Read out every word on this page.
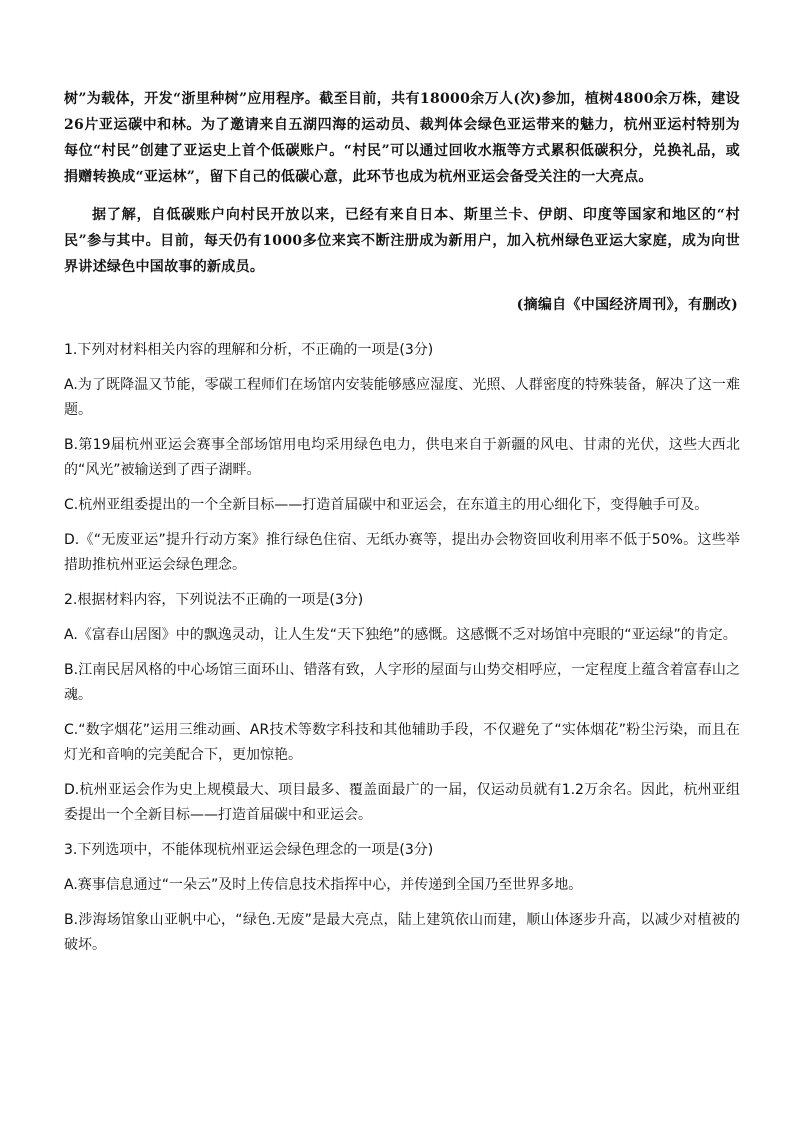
树”为载体，开发“浙里种树”应用程序。截至目前，共有18000余万人(次)参加，植树4800余万株，建设26片亚运碳中和林。为了邀请来自五湖四海的运动员、裁判体会绿色亚运带来的魅力，杭州亚运村特别为每位“村民”创建了亚运史上首个低碳账户。“村民”可以通过回收水瓶等方式累积低碳积分，兑换礼品，或捐赠转换成“亚运林”，留下自己的低碳心意，此环节也成为杭州亚运会备受关注的一大亮点。

据了解，自低碳账户向村民开放以来，已经有来自日本、斯里兰卡、伊朗、印度等国家和地区的“村民”参与其中。目前，每天仍有1000多位来宾不断注册成为新用户，加入杭州绿色亚运大家庭，成为向世界讲述绿色中国故事的新成员。

(摘编自《中国经济周刊》，有删改)

1.下列对材料相关内容的理解和分析，不正确的一项是(3分)

A.为了既降温又节能，零碳工程师们在场馆内安装能够感应湿度、光照、人群密度的特殊装备，解决了这一难题。

B.第19届杭州亚运会赛事全部场馆用电均采用绿色电力，供电来自于新疆的风电、甘肃的光伏，这些大西北的“风光”被输送到了西子湖畔。

C.杭州亚组委提出的一个全新目标——打造首届碳中和亚运会，在东道主的用心细化下，变得触手可及。

D.《“无废亚运”提升行动方案》推行绿色住宿、无纸办赛等，提出办会物资回收利用率不低于50%。这些举措助推杭州亚运会绿色理念。

2.根据材料内容，下列说法不正确的一项是(3分)

A.《富春山居图》中的飘逸灵动，让人生发“天下独绝”的感慨。这感慨不乏对场馆中亮眼的“亚运绿”的肯定。

B.江南民居风格的中心场馆三面环山、错落有致，人字形的屋面与山势交相呼应，一定程度上蕴含着富春山之魂。

C.“数字烟花”运用三维动画、AR技术等数字科技和其他辅助手段，不仅避免了“实体烟花”粉尘污染，而且在灯光和音响的完美配合下，更加惊艳。

D.杭州亚运会作为史上规模最大、项目最多、覆盖面最广的一届，仅运动员就有1.2万余名。因此，杭州亚组委提出一个全新目标——打造首届碳中和亚运会。

3.下列选项中，不能体现杭州亚运会绿色理念的一项是(3分)

A.赛事信息通过“一朵云”及时上传信息技术指挥中心，并传递到全国乃至世界多地。

B.涉海场馆象山亚帆中心，“绿色.无废”是最大亮点，陆上建筑依山而建，顺山体逐步升高，以减少对植被的破坏。
